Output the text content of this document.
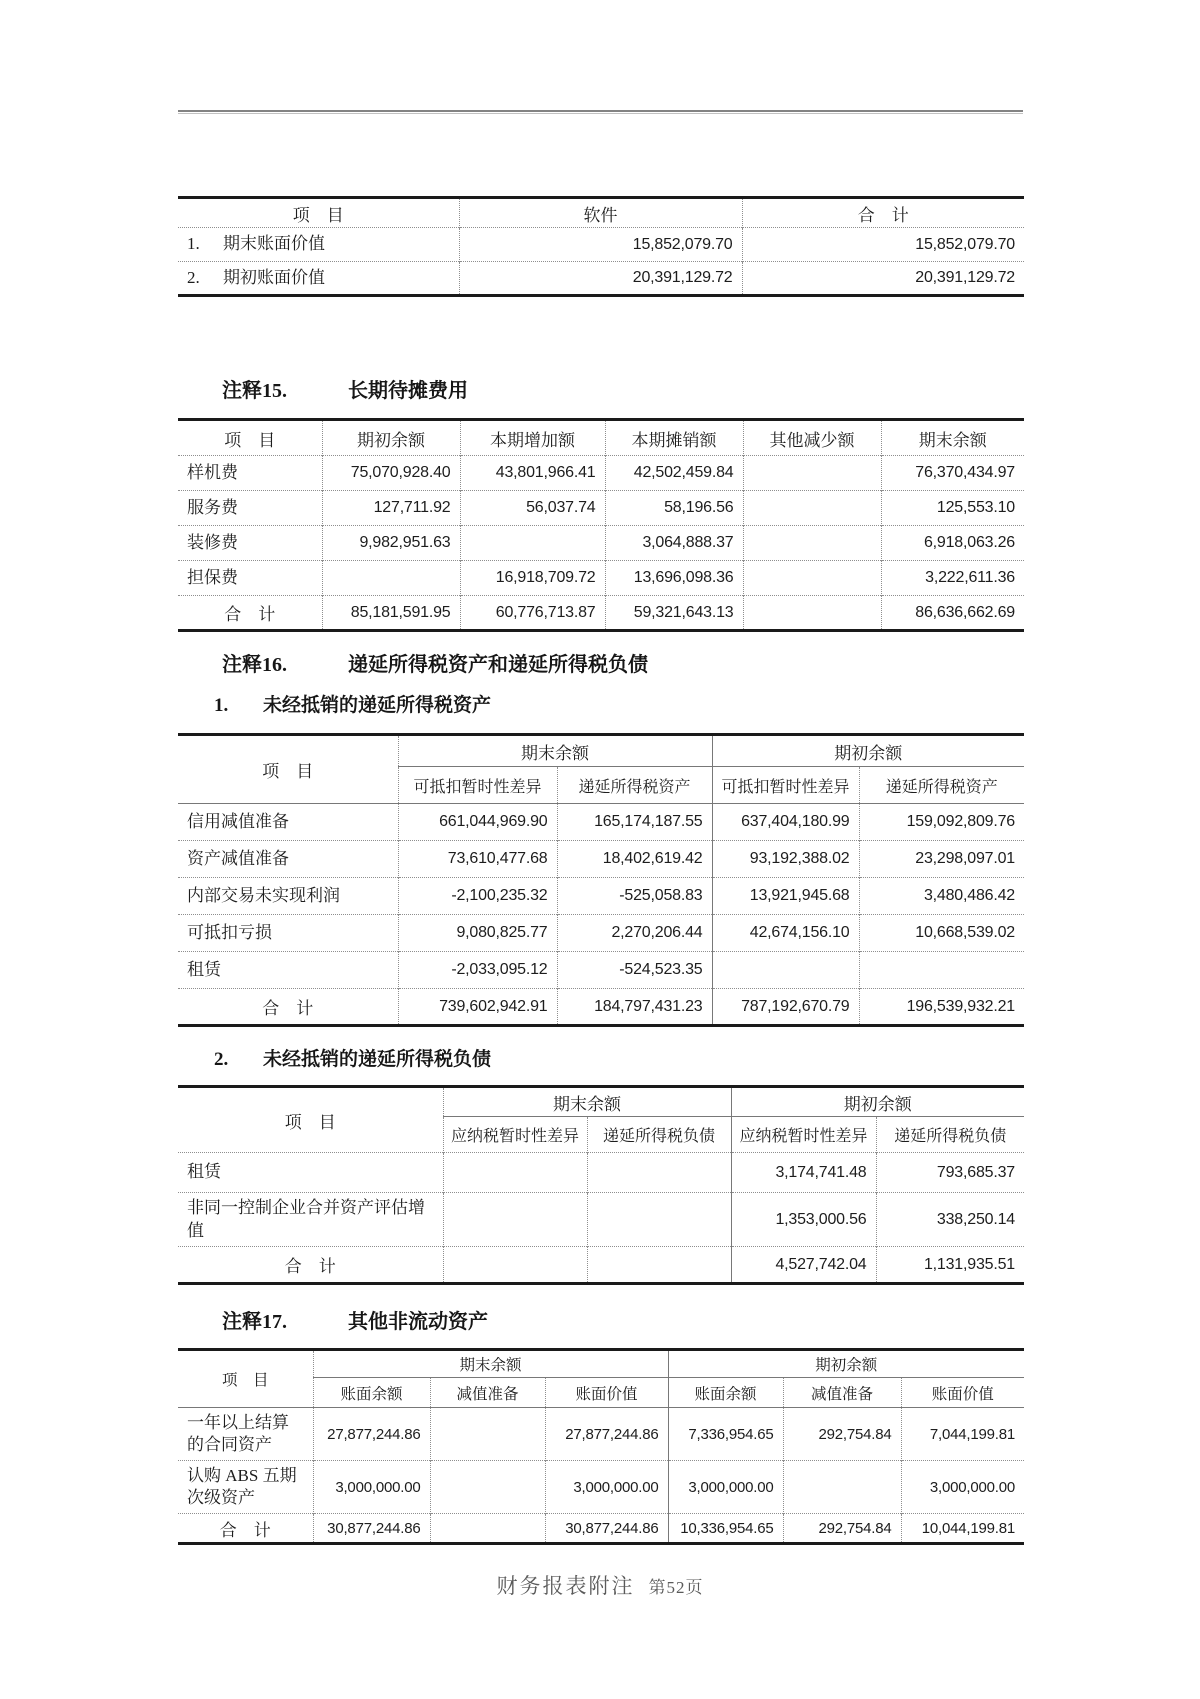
项　目	软件	合　计
1. 期末账面价值	15,852,079.70	15,852,079.70
2. 期初账面价值	20,391,129.72	20,391,129.72
注释15.	长期待摊费用
项　目	期初余额	本期增加额	本期摊销额	其他减少额	期末余额
样机费	75,070,928.40	43,801,966.41	42,502,459.84		76,370,434.97
服务费	127,711.92	56,037.74	58,196.56		125,553.10
装修费	9,982,951.63		3,064,888.37		6,918,063.26
担保费		16,918,709.72	13,696,098.36		3,222,611.36
合　计	85,181,591.95	60,776,713.87	59,321,643.13		86,636,662.69
注释16.	递延所得税资产和递延所得税负债
1. 未经抵销的递延所得税资产
项　目	期末余额		期初余额	
	可抵扣暂时性差异	递延所得税资产	可抵扣暂时性差异	递延所得税资产
信用减值准备	661,044,969.90	165,174,187.55	637,404,180.99	159,092,809.76
资产减值准备	73,610,477.68	18,402,619.42	93,192,388.02	23,298,097.01
内部交易未实现利润	-2,100,235.32	-525,058.83	13,921,945.68	3,480,486.42
可抵扣亏损	9,080,825.77	2,270,206.44	42,674,156.10	10,668,539.02
租赁	-2,033,095.12	-524,523.35		
合　计	739,602,942.91	184,797,431.23	787,192,670.79	196,539,932.21
2. 未经抵销的递延所得税负债
项　目	期末余额		期初余额	
	应纳税暂时性差异	递延所得税负债	应纳税暂时性差异	递延所得税负债
租赁			3,174,741.48	793,685.37
非同一控制企业合并资产评估增值			1,353,000.56	338,250.14
合　计			4,527,742.04	1,131,935.51
注释17.	其他非流动资产
项　目	期末余额			期初余额		
	账面余额	减值准备	账面价值	账面余额	减值准备	账面价值
一年以上结算的合同资产	27,877,244.86		27,877,244.86	7,336,954.65	292,754.84	7,044,199.81
认购 ABS 五期次级资产	3,000,000.00		3,000,000.00	3,000,000.00		3,000,000.00
合　计	30,877,244.86		30,877,244.86	10,336,954.65	292,754.84	10,044,199.81
财务报表附注 第52页
